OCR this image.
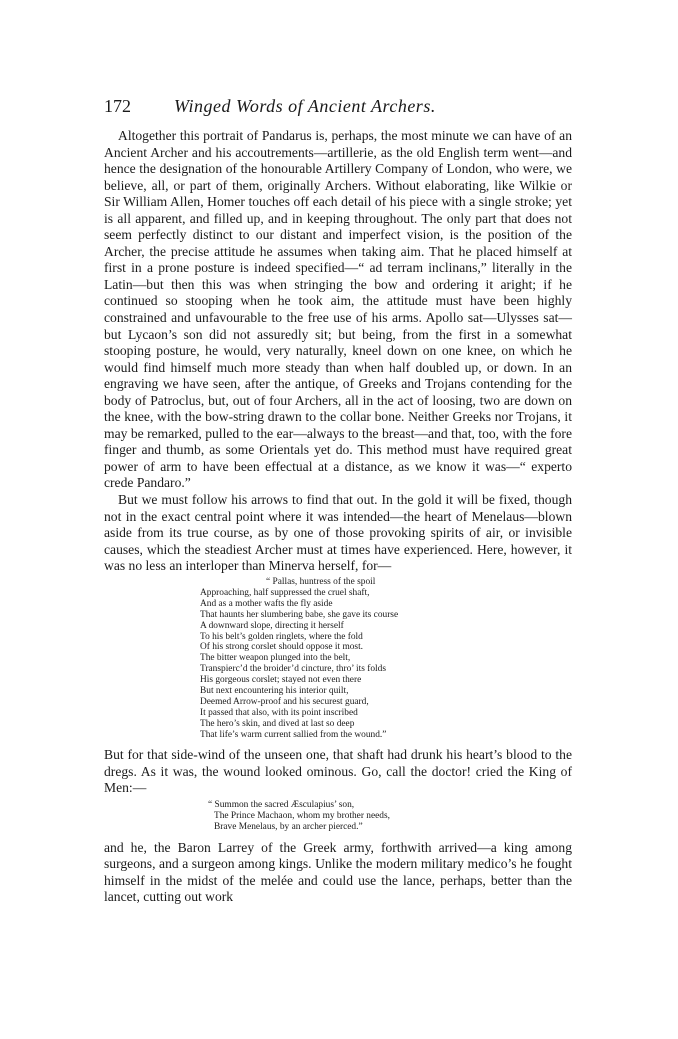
172 Winged Words of Ancient Archers.

Altogether this portrait of Pandarus is, perhaps, the most minute we can have of an Ancient Archer and his accoutrements—artillerie, as the old English term went—and hence the designation of the honourable Artillery Company of London, who were, we believe, all, or part of them, originally Archers. Without elaborating, like Wilkie or Sir William Allen, Homer touches off each detail of his piece with a single stroke; yet is all apparent, and filled up, and in keeping throughout. The only part that does not seem perfectly distinct to our distant and imperfect vision, is the position of the Archer, the precise attitude he assumes when taking aim. That he placed himself at first in a prone posture is indeed specified—“ ad terram inclinans,” literally in the Latin—but then this was when stringing the bow and ordering it aright; if he continued so stooping when he took aim, the attitude must have been highly constrained and unfavourable to the free use of his arms. Apollo sat—Ulysses sat—but Lycaon’s son did not assuredly sit; but being, from the first in a somewhat stooping posture, he would, very naturally, kneel down on one knee, on which he would find himself much more steady than when half doubled up, or down. In an engraving we have seen, after the antique, of Greeks and Trojans contending for the body of Patroclus, but, out of four Archers, all in the act of loosing, two are down on the knee, with the bow-string drawn to the collar bone. Neither Greeks nor Trojans, it may be remarked, pulled to the ear—always to the breast—and that, too, with the fore finger and thumb, as some Orientals yet do. This method must have required great power of arm to have been effectual at a distance, as we know it was—“ experto crede Pandaro.”

But we must follow his arrows to find that out. In the gold it will be fixed, though not in the exact central point where it was intended—the heart of Menelaus—blown aside from its true course, as by one of those provoking spirits of air, or invisible causes, which the steadiest Archer must at times have experienced. Here, however, it was no less an interloper than Minerva herself, for—

“ Pallas, huntress of the spoil
Approaching, half suppressed the cruel shaft,
And as a mother wafts the fly aside
That haunts her slumbering babe, she gave its course
A downward slope, directing it herself
To his belt’s golden ringlets, where the fold
Of his strong corslet should oppose it most.
The bitter weapon plunged into the belt,
Transpierc’d the broider’d cincture, thro’ its folds
His gorgeous corslet; stayed not even there
But next encountering his interior quilt,
Deemed Arrow-proof and his securest guard,
It passed that also, with its point inscribed
The hero’s skin, and dived at last so deep
That life’s warm current sallied from the wound.”

But for that side-wind of the unseen one, that shaft had drunk his heart’s blood to the dregs. As it was, the wound looked ominous. Go, call the doctor! cried the King of Men:—

“ Summon the sacred Æsculapius’ son,
The Prince Machaon, whom my brother needs,
Brave Menelaus, by an archer pierced.”

and he, the Baron Larrey of the Greek army, forthwith arrived—a king among surgeons, and a surgeon among kings. Unlike the modern military medico’s he fought himself in the midst of the melée and could use the lance, perhaps, better than the lancet, cutting out work
